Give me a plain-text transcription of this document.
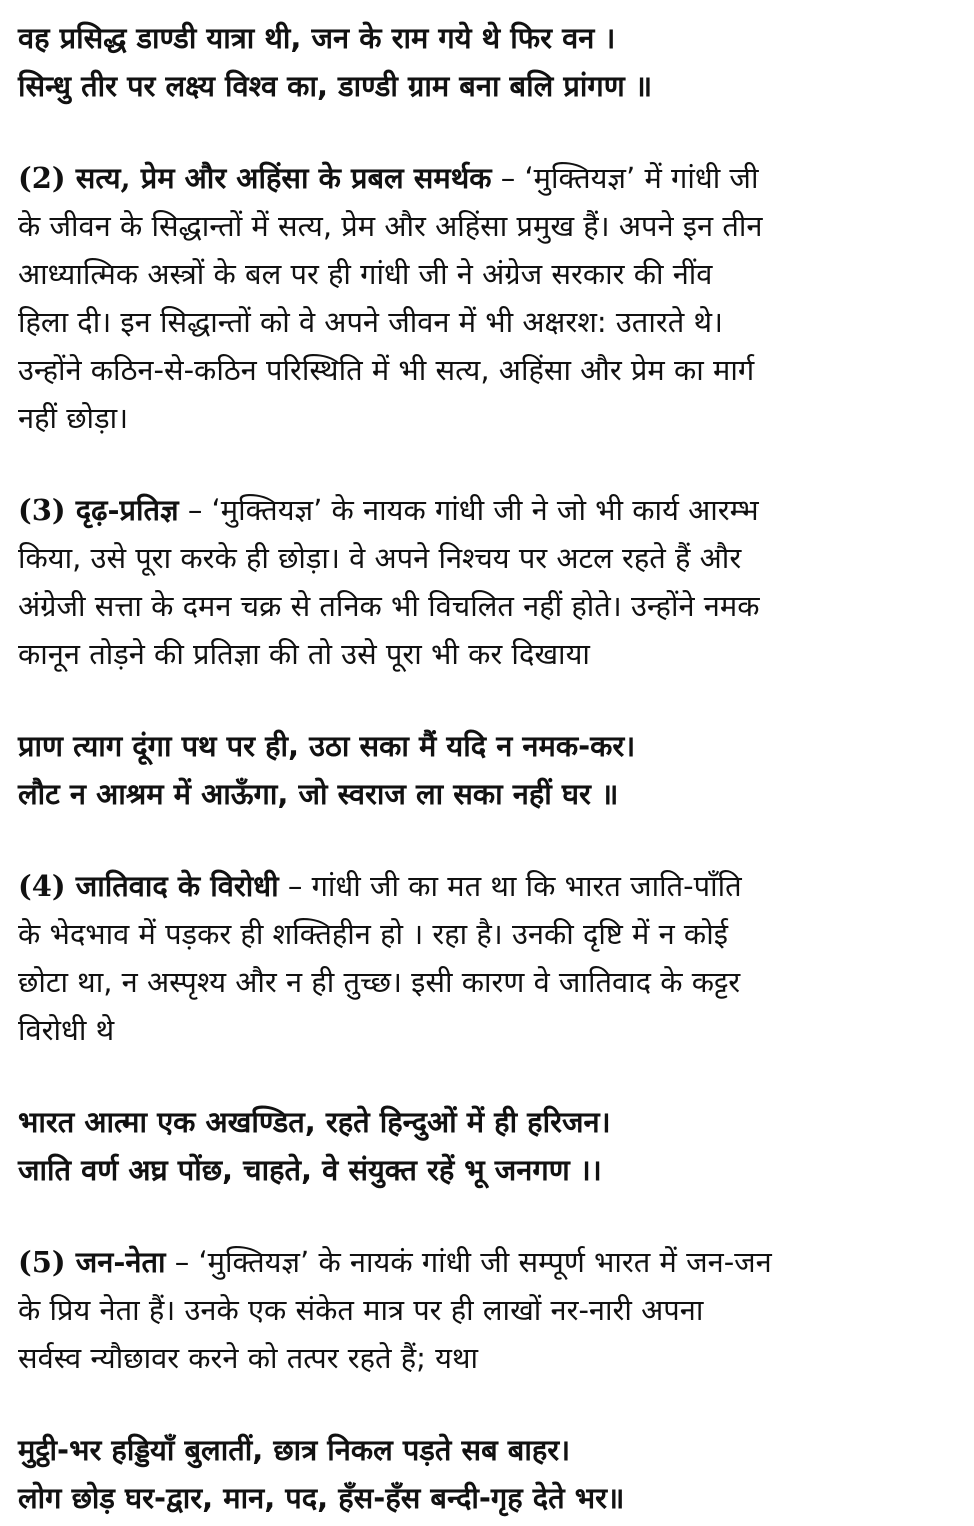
वह प्रसिद्ध डाण्डी यात्रा थी, जन के राम गये थे फिर वन ।
सिन्धु तीर पर लक्ष्य विश्व का, डाण्डी ग्राम बना बलि प्रांगण ॥
(2) सत्य, प्रेम और अहिंसा के प्रबल समर्थक – ‘मुक्तियज्ञ’ में गांधी जी
के जीवन के सिद्धान्तों में सत्य, प्रेम और अहिंसा प्रमुख हैं। अपने इन तीन
आध्यात्मिक अस्त्रों के बल पर ही गांधी जी ने अंग्रेज सरकार की नींव
हिला दी। इन सिद्धान्तों को वे अपने जीवन में भी अक्षरश: उतारते थे।
उन्होंने कठिन-से-कठिन परिस्थिति में भी सत्य, अहिंसा और प्रेम का मार्ग
नहीं छोड़ा।
(3) दृढ़-प्रतिज्ञ – ‘मुक्तियज्ञ’ के नायक गांधी जी ने जो भी कार्य आरम्भ
किया, उसे पूरा करके ही छोड़ा। वे अपने निश्चय पर अटल रहते हैं और
अंग्रेजी सत्ता के दमन चक्र से तनिक भी विचलित नहीं होते। उन्होंने नमक
कानून तोड़ने की प्रतिज्ञा की तो उसे पूरा भी कर दिखाया
प्राण त्याग दूंगा पथ पर ही, उठा सका मैं यदि न नमक-कर।
लौट न आश्रम में आऊँगा, जो स्वराज ला सका नहीं घर ॥
(4) जातिवाद के विरोधी – गांधी जी का मत था कि भारत जाति-पाँति
के भेदभाव में पड़कर ही शक्तिहीन हो । रहा है। उनकी दृष्टि में न कोई
छोटा था, न अस्पृश्य और न ही तुच्छ। इसी कारण वे जातिवाद के कट्टर
विरोधी थे
भारत आत्मा एक अखण्डित, रहते हिन्दुओं में ही हरिजन।
जाति वर्ण अघ्र पोंछ, चाहते, वे संयुक्त रहें भू जनगण ।।
(5) जन-नेता – ‘मुक्तियज्ञ’ के नायकं गांधी जी सम्पूर्ण भारत में जन-जन
के प्रिय नेता हैं। उनके एक संकेत मात्र पर ही लाखों नर-नारी अपना
सर्वस्व न्यौछावर करने को तत्पर रहते हैं; यथा
मुट्ठी-भर हड्डियाँ बुलातीं, छात्र निकल पड़ते सब बाहर।
लोग छोड़ घर-द्वार, मान, पद, हँस-हँस बन्दी-गृह देते भर॥
